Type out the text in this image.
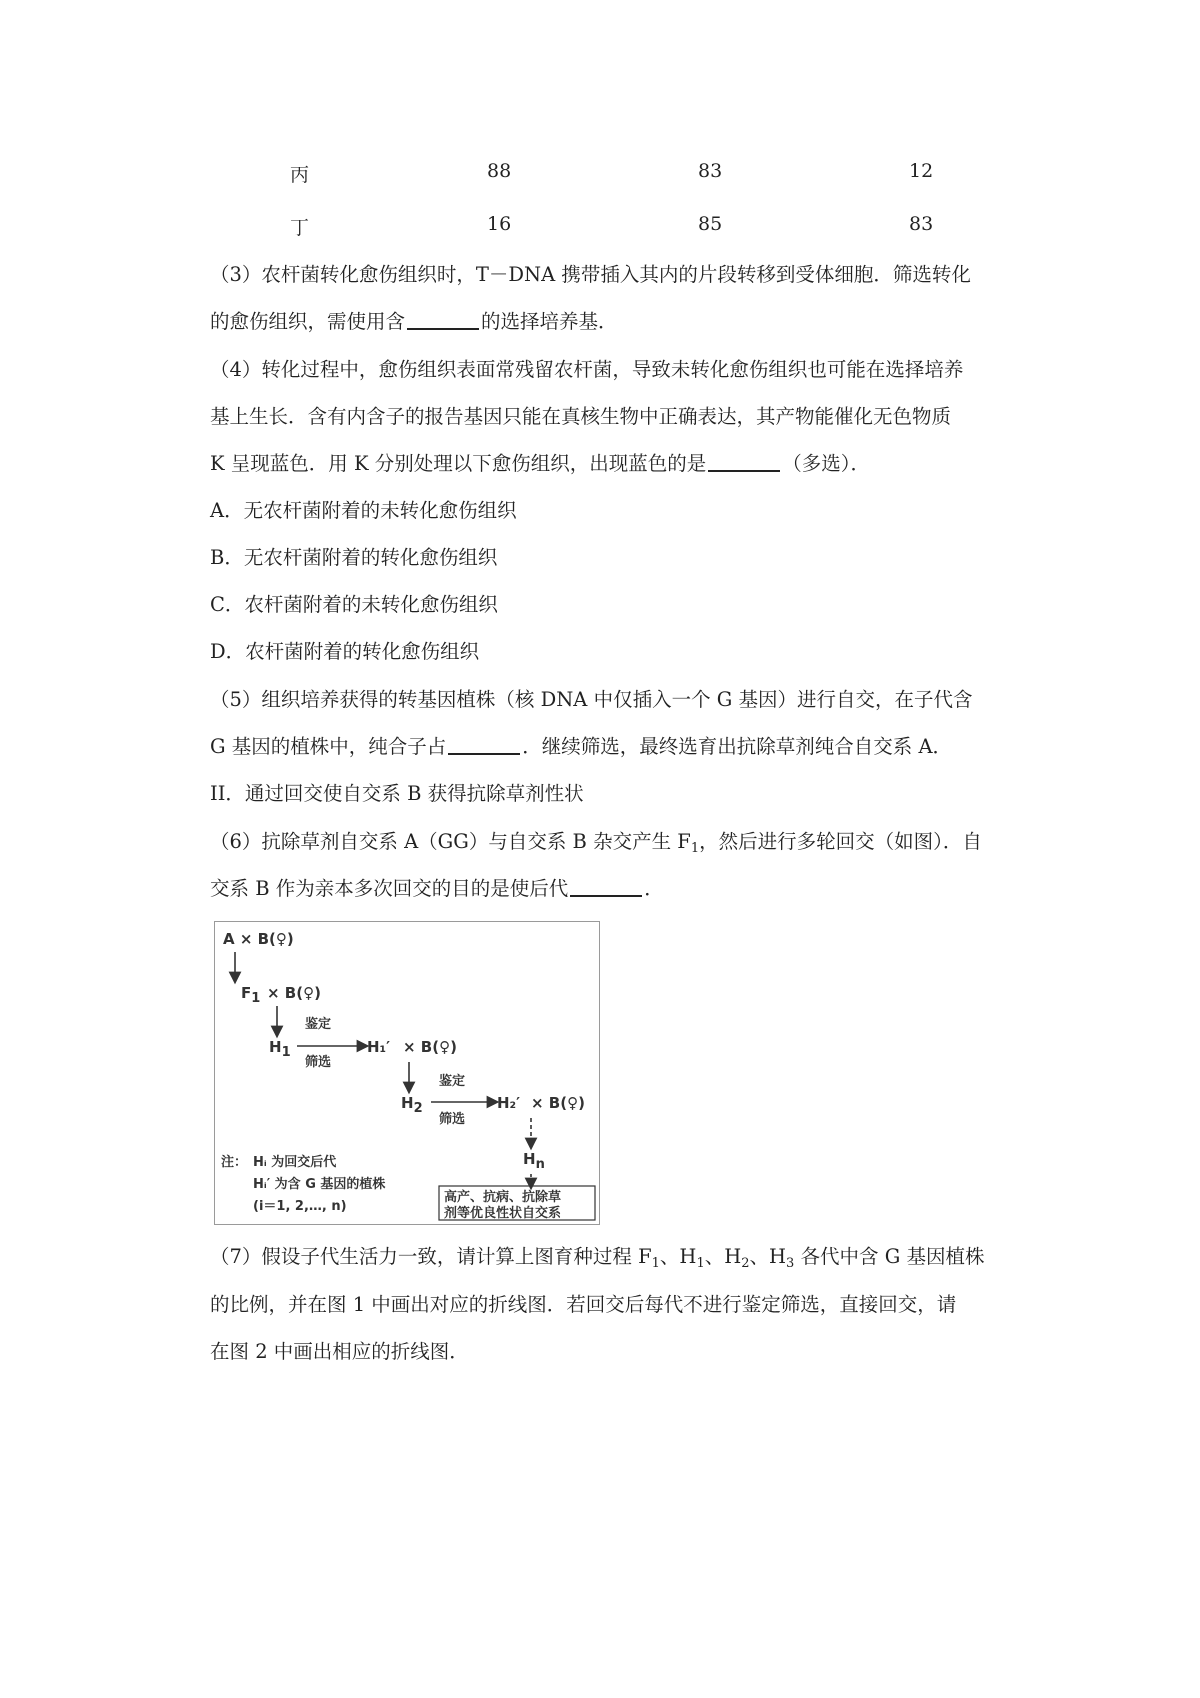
丙	88	83	12
丁	16	85	83
（3）农杆菌转化愈伤组织时，T－DNA 携带插入其内的片段转移到受体细胞．筛选转化
的愈伤组织，需使用含	的选择培养基．
（4）转化过程中，愈伤组织表面常残留农杆菌，导致未转化愈伤组织也可能在选择培养
基上生长．含有内含子的报告基因只能在真核生物中正确表达，其产物能催化无色物质
K 呈现蓝色．用 K 分别处理以下愈伤组织，出现蓝色的是	（多选）．
A．无农杆菌附着的未转化愈伤组织
B．无农杆菌附着的转化愈伤组织
C．农杆菌附着的未转化愈伤组织
D．农杆菌附着的转化愈伤组织
（5）组织培养获得的转基因植株（核 DNA 中仅插入一个 G 基因）进行自交，在子代含
G 基因的植株中，纯合子占	．继续筛选，最终选育出抗除草剂纯合自交系 A．
II．通过回交使自交系 B 获得抗除草剂性状
（6）抗除草剂自交系 A（GG）与自交系 B 杂交产生 $F_1$，然后进行多轮回交（如图）．自
交系 B 作为亲本多次回交的目的是使后代	．
A × B(♀)
F1 × B(♀)
H1
鉴定
筛选
H₁′ × B(♀)
H2
鉴定
筛选
H₂′ × B(♀)
Hn
高产、抗病、抗除草
剂等优良性状自交系
注： Hᵢ 为回交后代
Hᵢ′ 为含 G 基因的植株
(i＝1, 2,…, n)
（7）假设子代生活力一致，请计算上图育种过程 $F_1$、$H_1$、$H_2$、$H_3$ 各代中含 G 基因植株
的比例，并在图 1 中画出对应的折线图．若回交后每代不进行鉴定筛选，直接回交，请
在图 2 中画出相应的折线图．
